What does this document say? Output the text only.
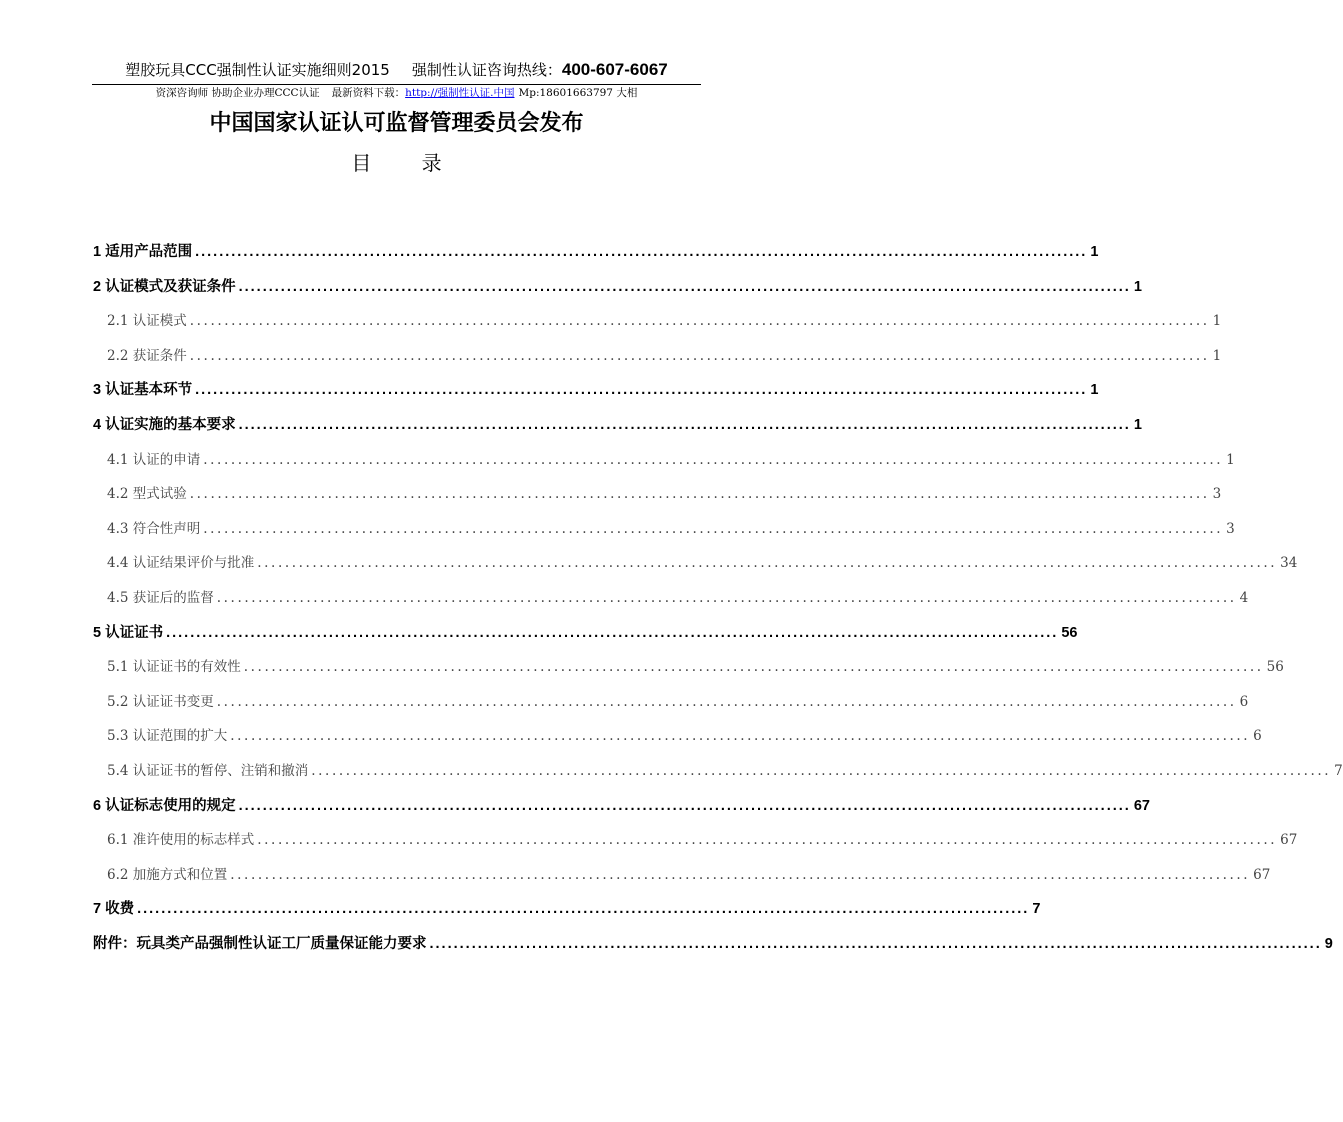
塑胶玩具CCC强制性认证实施细则2015 强制性认证咨询热线：400-607-6067
资深咨询师 协助企业办理CCC认证 最新资料下载：http://强制性认证.中国 Mp:18601663797 大相
中国国家认证认可监督管理委员会发布
目 录
1 适用产品范围 .................................................................................................................................................... 1
2 认证模式及获证条件 .................................................................................................................................................... 1
2.1 认证模式 .................................................................................................................................................... 1
2.2 获证条件 .................................................................................................................................................... 1
3 认证基本环节 .................................................................................................................................................... 1
4 认证实施的基本要求 .................................................................................................................................................... 1
4.1 认证的申请 .................................................................................................................................................... 1
4.2 型式试验 .................................................................................................................................................... 3
4.3 符合性声明 .................................................................................................................................................... 3
4.4 认证结果评价与批准 .................................................................................................................................................... 34
4.5 获证后的监督 .................................................................................................................................................... 4
5 认证证书 .................................................................................................................................................... 56
5.1 认证证书的有效性 .................................................................................................................................................... 56
5.2 认证证书变更 .................................................................................................................................................... 6
5.3 认证范围的扩大 .................................................................................................................................................... 6
5.4 认证证书的暂停、注销和撤消 .................................................................................................................................................... 7
6 认证标志使用的规定 .................................................................................................................................................... 67
6.1 准许使用的标志样式 .................................................................................................................................................... 67
6.2 加施方式和位置 .................................................................................................................................................... 67
7 收费 .................................................................................................................................................... 7
附件：玩具类产品强制性认证工厂质量保证能力要求 .................................................................................................................................................... 9
